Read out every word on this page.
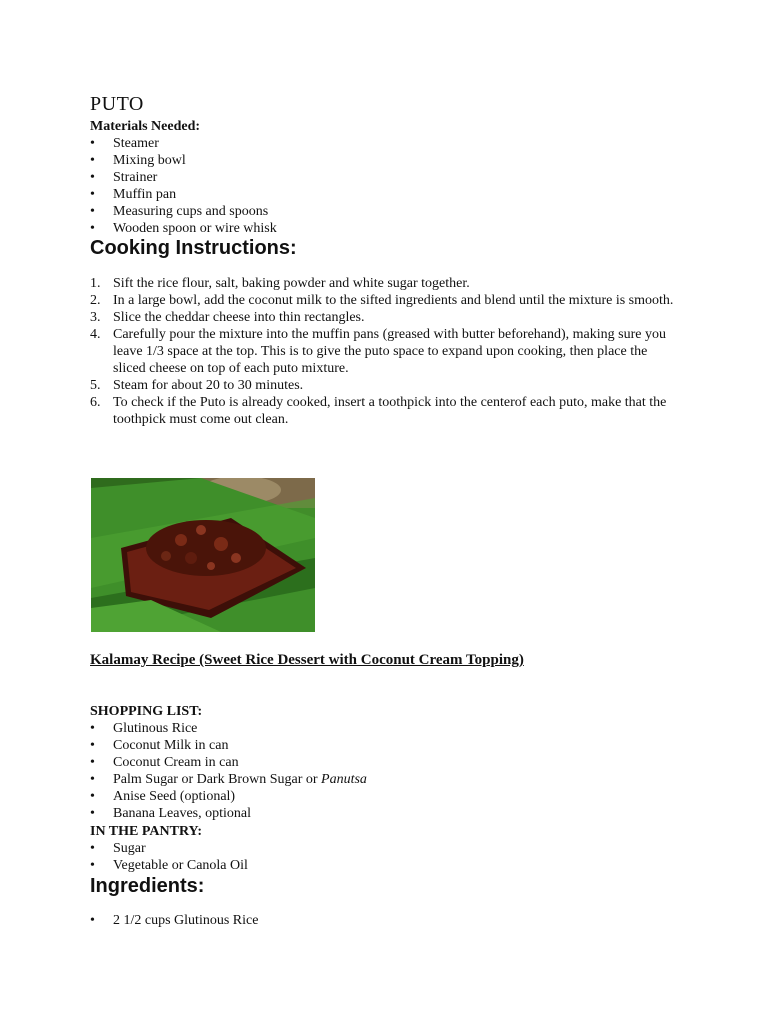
PUTO
Materials Needed:
• Steamer
• Mixing bowl
• Strainer
• Muffin pan
• Measuring cups and spoons
• Wooden spoon or wire whisk
Cooking Instructions:
1. Sift the rice flour, salt, baking powder and white sugar together.
2. In a large bowl, add the coconut milk to the sifted ingredients and blend until the mixture is smooth.
3. Slice the cheddar cheese into thin rectangles.
4. Carefully pour the mixture into the muffin pans (greased with butter beforehand), making sure you leave 1/3 space at the top. This is to give the puto space to expand upon cooking, then place the sliced cheese on top of each puto mixture.
5. Steam for about 20 to 30 minutes.
6. To check if the Puto is already cooked, insert a toothpick into the centerof each puto, make that the toothpick must come out clean.
Kalamay Recipe (Sweet Rice Dessert with Coconut Cream Topping)
SHOPPING LIST:
• Glutinous Rice
• Coconut Milk in can
• Coconut Cream in can
• Palm Sugar or Dark Brown Sugar or Panutsa
• Anise Seed (optional)
• Banana Leaves, optional
IN THE PANTRY:
• Sugar
• Vegetable or Canola Oil
Ingredients:
• 2 1/2 cups Glutinous Rice
